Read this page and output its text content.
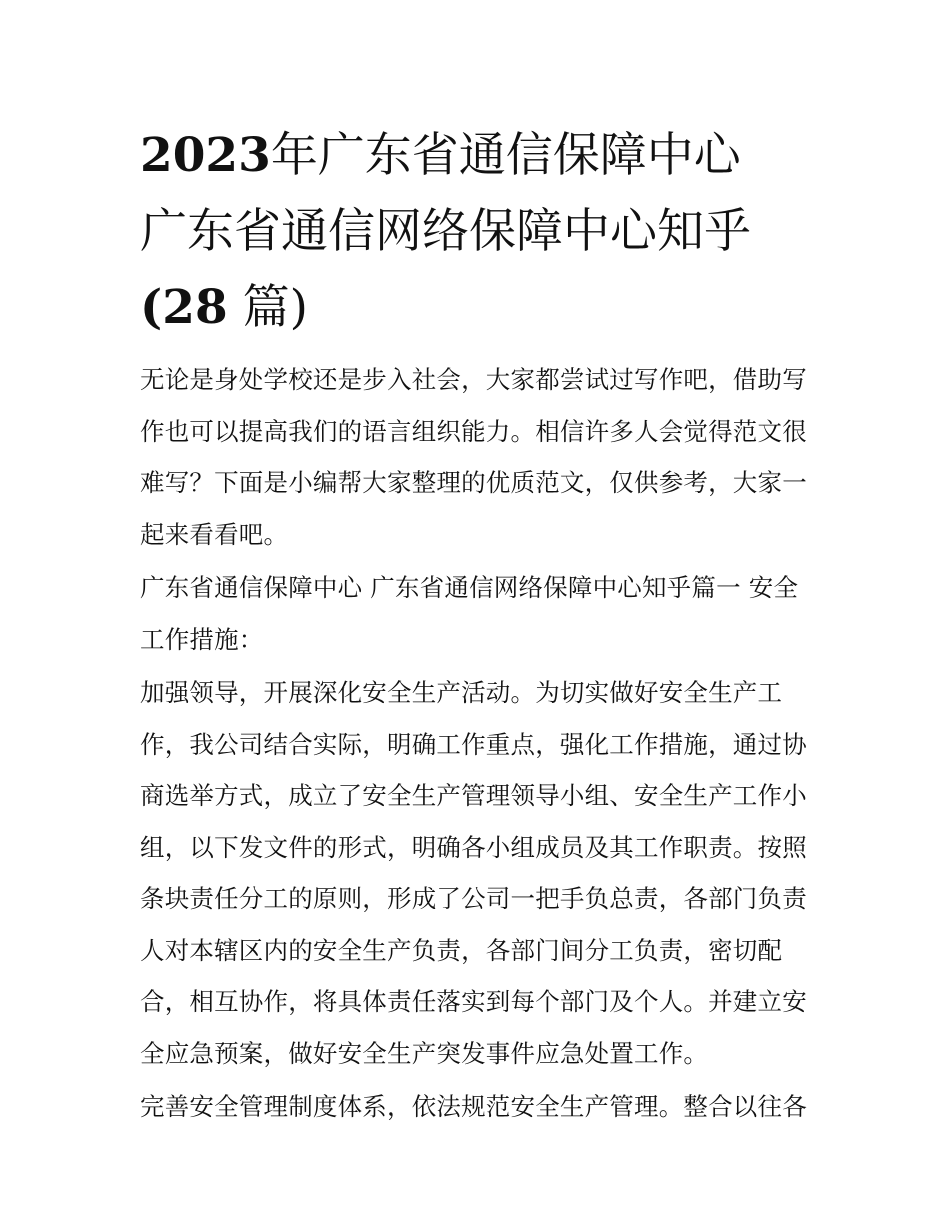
2023年广东省通信保障中心
广东省通信网络保障中心知乎
(28 篇)

无论是身处学校还是步入社会，大家都尝试过写作吧，借助写
作也可以提高我们的语言组织能力。相信许多人会觉得范文很
难写？下面是小编帮大家整理的优质范文，仅供参考，大家一
起来看看吧。

广东省通信保障中心 广东省通信网络保障中心知乎篇一 安全
工作措施：

加强领导，开展深化安全生产活动。为切实做好安全生产工
作，我公司结合实际，明确工作重点，强化工作措施，通过协
商选举方式，成立了安全生产管理领导小组、安全生产工作小
组，以下发文件的形式，明确各小组成员及其工作职责。按照
条块责任分工的原则，形成了公司一把手负总责，各部门负责
人对本辖区内的安全生产负责，各部门间分工负责，密切配
合，相互协作，将具体责任落实到每个部门及个人。并建立安
全应急预案，做好安全生产突发事件应急处置工作。

完善安全管理制度体系，依法规范安全生产管理。整合以往各
